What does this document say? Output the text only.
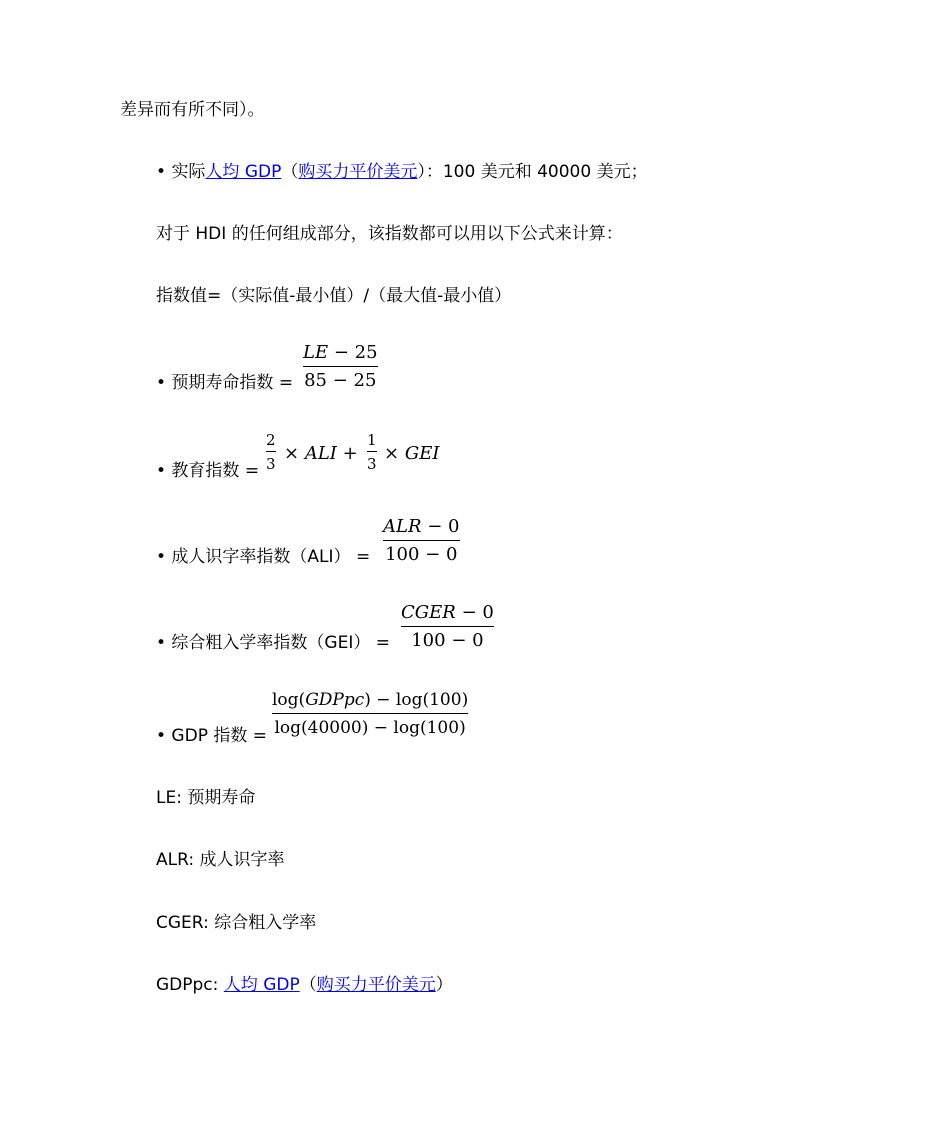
差异而有所不同）。
• 实际人均 GDP（购买力平价美元）：100 美元和 40000 美元；
对于 HDI 的任何组成部分，该指数都可以用以下公式来计算：
指数值=（实际值-最小值）/（最大值-最小值）
• 预期寿命指数 =
LE − 25
85 − 25
• 教育指数 =
2
3 × ALI +
1
3 × GEI
• 成人识字率指数（ALI） =
ALR − 0
100 − 0
• 综合粗入学率指数（GEI） =
CGER − 0
100 − 0
• GDP 指数 =
log(GDPpc) − log(100)
log(40000) − log(100)
LE: 预期寿命
ALR: 成人识字率
CGER: 综合粗入学率
GDPpc: 人均 GDP（购买力平价美元）
